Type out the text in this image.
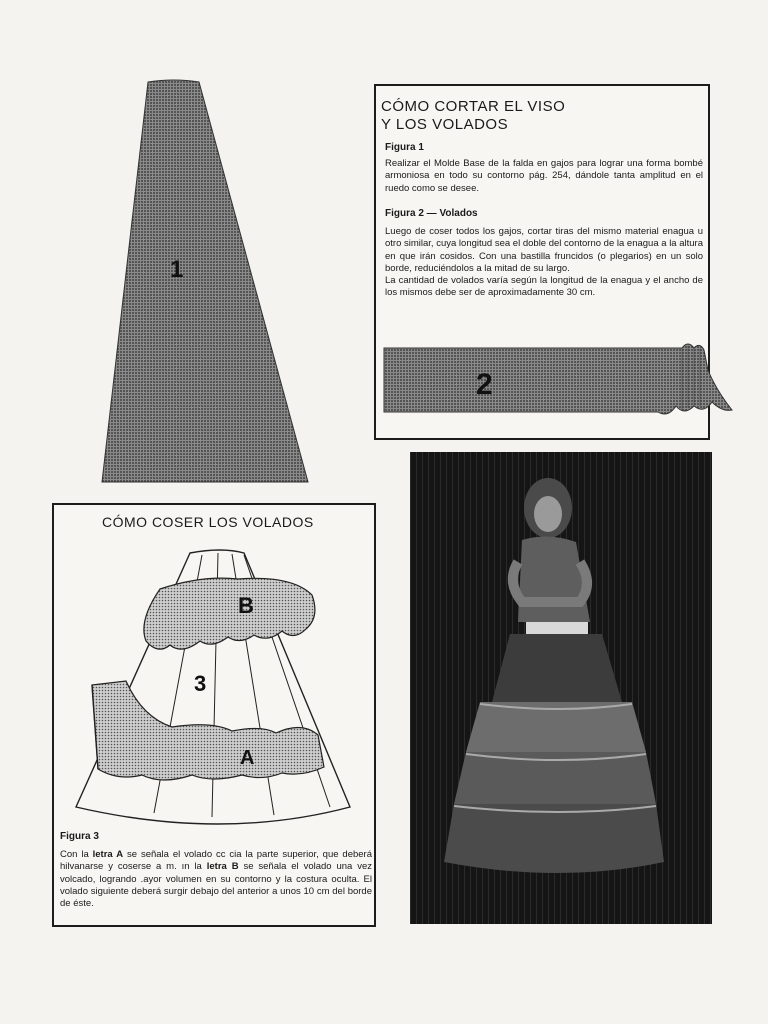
1
CÓMO CORTAR EL VISO
Y LOS VOLADOS
Figura 1
Realizar el Molde Base de la falda en gajos para lograr una forma bombé armoniosa en todo su contorno pág. 254, dándole tanta amplitud en el ruedo como se desee.
Figura 2 — Volados
Luego de coser todos los gajos, cortar tiras del mismo material enagua u otro similar, cuya longitud sea el doble del contorno de la enagua a la altura en que irán cosidos. Con una bastilla fruncidos (o plegarios) en un solo borde, reduciéndolos a la mitad de su largo.
La cantidad de volados varía según la longitud de la enagua y el ancho de los mismos debe ser de aproximadamente 30 cm.
2
CÓMO COSER LOS VOLADOS
B
3
A
Figura 3
Con la letra A se señala el volado cc cia la parte superior, que deberá hilvanarse y coserse a m. ın la letra B se señala el volado una vez volcado, logrando .ayor volumen en su contorno y la costura oculta. El volado siguiente deberá surgir debajo del anterior a unos 10 cm del borde de éste.
